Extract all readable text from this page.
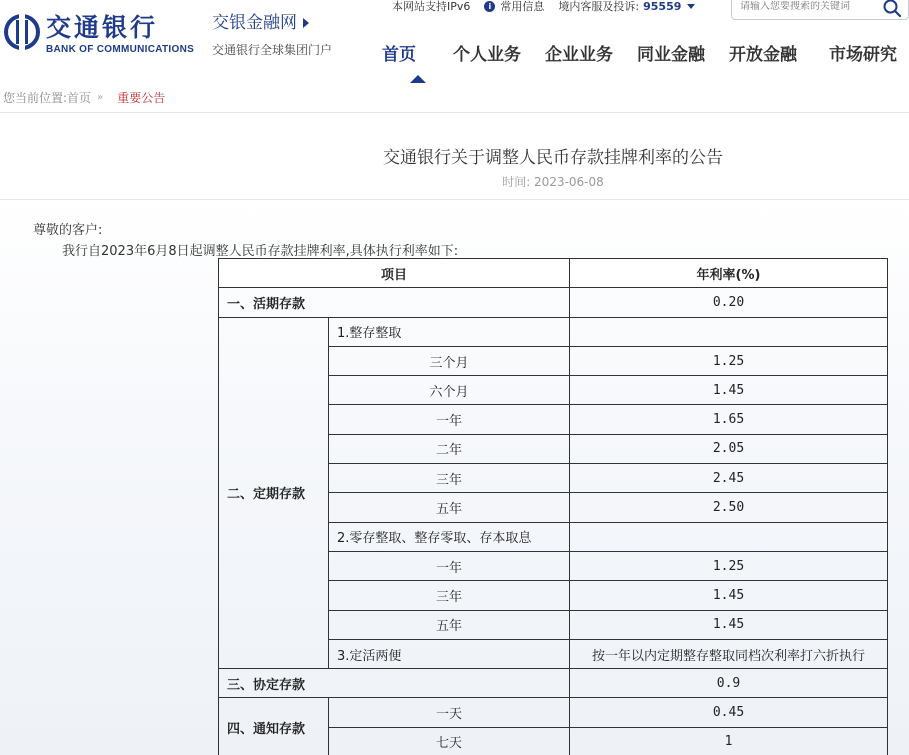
交通银行
BANK OF COMMUNICATIONS
交银金融网
交通银行全球集团门户
本网站支持IPv6	i 常用信息 境内客服及投诉: 95559
请输入您要搜索的关键词
首页	个人业务	企业业务	同业金融	开放金融	市场研究
您当前位置: 首页 » 重要公告
交通银行关于调整人民币存款挂牌利率的公告
时间: 2023-06-08
尊敬的客户:
我行自2023年6月8日起调整人民币存款挂牌利率,具体执行利率如下:
项目		年利率(%)
一、活期存款		0.20
二、定期存款	1.整存整取	
	三个月	1.25
	六个月	1.45
	一年	1.65
	二年	2.05
	三年	2.45
	五年	2.50
	2.零存整取、整存零取、存本取息	
	一年	1.25
	三年	1.45
	五年	1.45
	3.定活两便	按一年以内定期整存整取同档次利率打六折执行
三、协定存款		0.9
四、通知存款	一天	0.45
	七天	1
